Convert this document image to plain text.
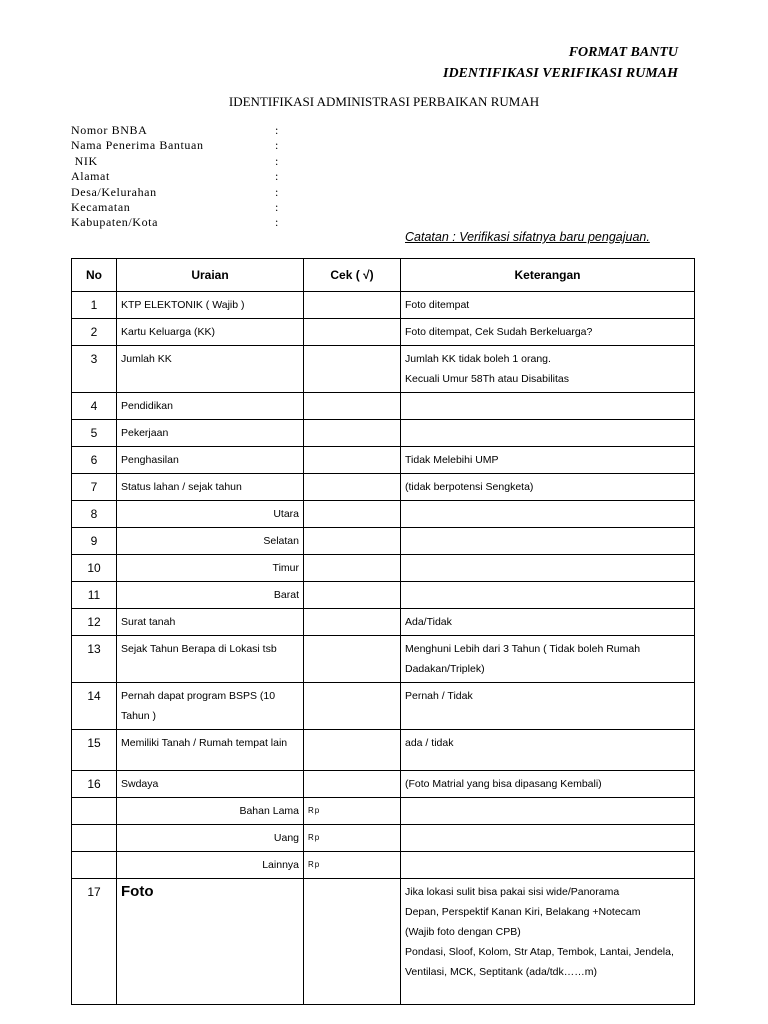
FORMAT BANTU
IDENTIFIKASI VERIFIKASI RUMAH
IDENTIFIKASI ADMINISTRASI PERBAIKAN RUMAH
Nomor BNBA	:
Nama Penerima Bantuan	:
NIK	:
Alamat	:
Desa/Kelurahan	:
Kecamatan	:
Kabupaten/Kota	:
Catatan : Verifikasi sifatnya baru pengajuan.
No	Uraian	Cek ( √)	Keterangan
1	KTP ELEKTONIK ( Wajib )		Foto ditempat

2	Kartu Keluarga (KK)		Foto ditempat, Cek Sudah Berkeluarga?

3	Jumlah KK		Jumlah KK tidak boleh 1 orang.
Kecuali Umur 58Th atau Disabilitas

4	Pendidikan		
5	Pekerjaan		
6	Penghasilan		Tidak Melebihi UMP

7	Status lahan / sejak tahun		(tidak berpotensi Sengketa)

8	Utara		
9	Selatan		
10	Timur		
11	Barat		
12	Surat tanah		Ada/Tidak

13	Sejak Tahun Berapa di Lokasi tsb		Menghuni Lebih dari 3 Tahun ( Tidak boleh Rumah
Dadakan/Triplek)

14	Pernah dapat program BSPS (10 Tahun )		Pernah / Tidak

15	Memiliki Tanah / Rumah tempat lain		ada / tidak

16	Swdaya		(Foto Matrial yang bisa dipasang Kembali)

	Bahan Lama	Rp	
	Uang	Rp	
	Lainnya	Rp	
17	Foto		Jika lokasi sulit bisa pakai sisi wide/Panorama
Depan, Perspektif Kanan Kiri, Belakang +Notecam
(Wajib foto dengan CPB)
Pondasi, Sloof, Kolom, Str Atap, Tembok, Lantai, Jendela,
Ventilasi, MCK, Septitank (ada/tdk……m)
